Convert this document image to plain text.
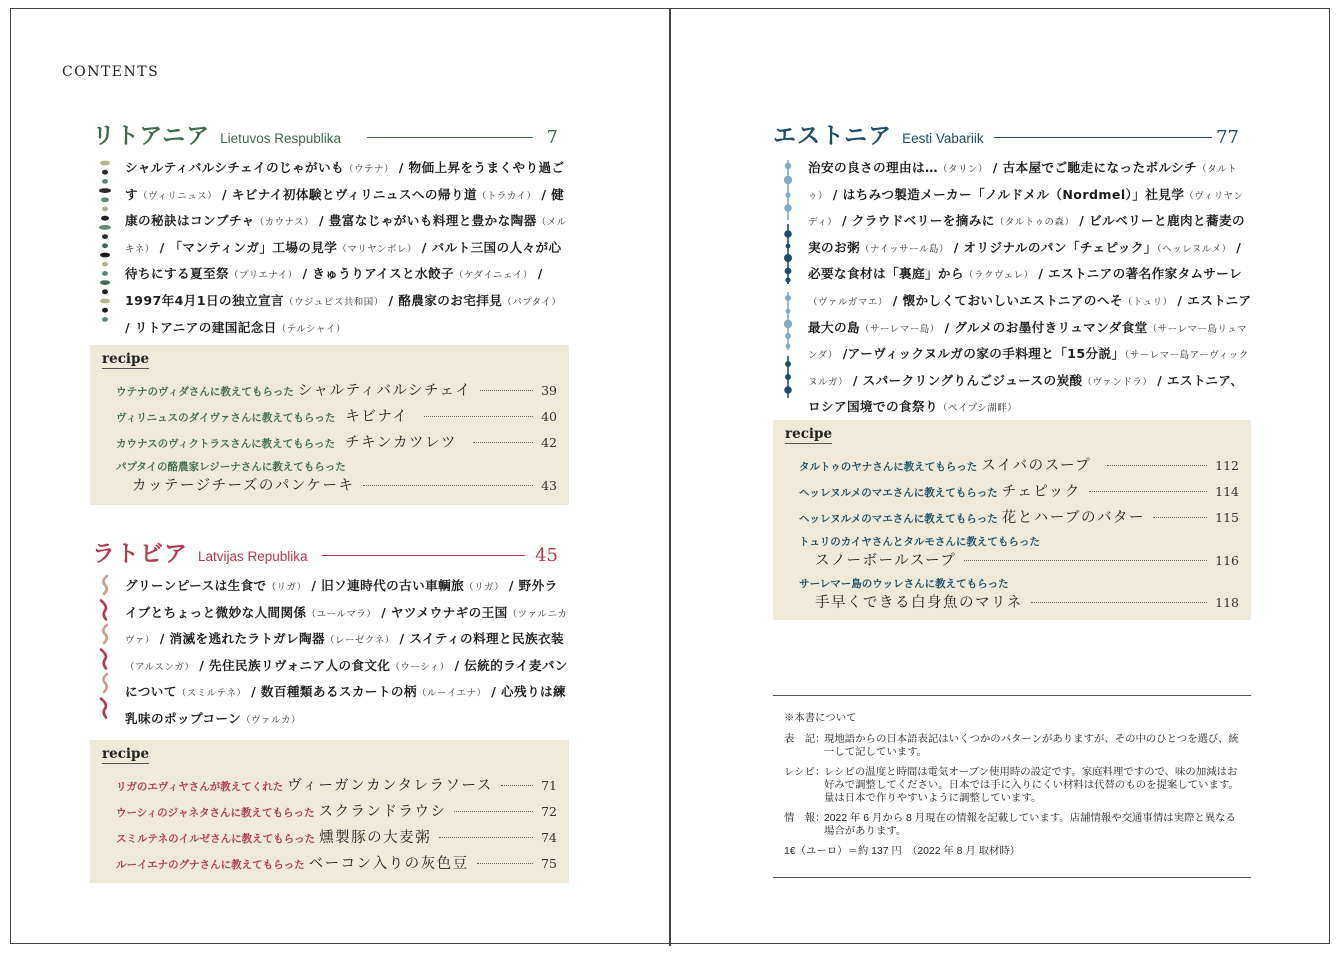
CONTENTS
リトアニア Lietuvos Respublika	7
シャルティバルシチェイのじゃがいも（ウテナ） / 物価上昇をうまくやり過ごす（ヴィリニュス） / キビナイ初体験とヴィリニュスへの帰り道（トラカイ） / 健康の秘訣はコンブチャ（カウナス） / 豊富なじゃがいも料理と豊かな陶器（メルキネ） / 「マンティンガ」工場の見学（マリヤンポレ） / バルト三国の人々が心待ちにする夏至祭（プリエナイ） / きゅうりアイスと水餃子（ケダイニェイ） / 1997年4月1日の独立宣言（ウジュピス共和国） / 酪農家のお宅拝見（パプタイ） / リトアニアの建国記念日（テルシャイ）
recipe
ウテナのヴィダさんに教えてもらった シャルティバルシチェイ	39
ヴィリニュスのダイヴァさんに教えてもらった キビナイ	40
カウナスのヴィクトラスさんに教えてもらった チキンカツレツ	42
パプタイの酪農家レジーナさんに教えてもらった
カッテージチーズのパンケーキ	43
ラトビア Latvijas Republika	45
グリーンピースは生食で（リガ） / 旧ソ連時代の古い車輌旅（リガ） / 野外ライブとちょっと微妙な人間関係（ユールマラ） / ヤツメウナギの王国（ツァルニカヴァ） / 消滅を逃れたラトガレ陶器（レーゼクネ） / スイティの料理と民族衣装（アルスンガ） / 先住民族リヴォニア人の食文化（ウーシィ） / 伝統的ライ麦パンについて（スミルテネ） / 数百種類あるスカートの柄（ルーイエナ） / 心残りは練乳味のポップコーン（ヴァルカ）
recipe
リガのエヴィヤさんが教えてくれた ヴィーガンカンタレラソース	71
ウーシィのジャネタさんに教えてもらった スクランドラウシ	72
スミルテネのイルゼさんに教えてもらった 燻製豚の大麦粥	74
ルーイエナのグナさんに教えてもらった ベーコン入りの灰色豆	75
エストニア Eesti Vabariik	77
治安の良さの理由は…（タリン） / 古本屋でご馳走になったボルシチ（タルトゥ） / はちみつ製造メーカー「ノルドメル（Nordmel）」社見学（ヴィリヤンディ） / クラウドベリーを摘みに（タルトゥの森） / ビルベリーと鹿肉と蕎麦の実のお粥（ナイッサール島） / オリジナルのパン「チェピック」（ヘッレヌルメ） / 必要な食材は「裏庭」から（ラクヴェレ） / エストニアの著名作家タムサーレ（ヴァルガマエ） / 懐かしくておいしいエストニアのへそ（トュリ） / エストニア最大の島（サーレマー島） / グルメのお墨付きリュマンダ食堂（サーレマー島リュマンダ） /アーヴィックヌルガの家の手料理と「15分説」（サーレマー島アーヴィックヌルガ） / スパークリングりんごジュースの炭酸（ヴァンドラ） / エストニア、ロシア国境での食祭り（ペイプシ湖畔）
recipe
タルトゥのヤナさんに教えてもらった スイバのスープ	112
ヘッレヌルメのマエさんに教えてもらった チェピック	114
ヘッレヌルメのマエさんに教えてもらった 花とハーブのバター	115
トュリのカイヤさんとタルモさんに教えてもらった
スノーボールスープ	116
サーレマー島のウッレさんに教えてもらった
手早くできる白身魚のマリネ	118
※本書について
表　記：
現地語からの日本語表記はいくつかのパターンがありますが、その中のひとつを選び、統一して記しています。
レシピ：
レシピの温度と時間は電気オーブン使用時の設定です。家庭料理ですので、味の加減はお好みで調整してください。日本では手に入りにくい材料は代替のものを提案しています。量は日本で作りやすいように調整しています。
情　報：
2022 年 6 月から 8 月現在の情報を記載しています。店舗情報や交通事情は実際と異なる場合があります。
1€（ユーロ）＝約 137 円　（2022 年 8 月 取材時）
